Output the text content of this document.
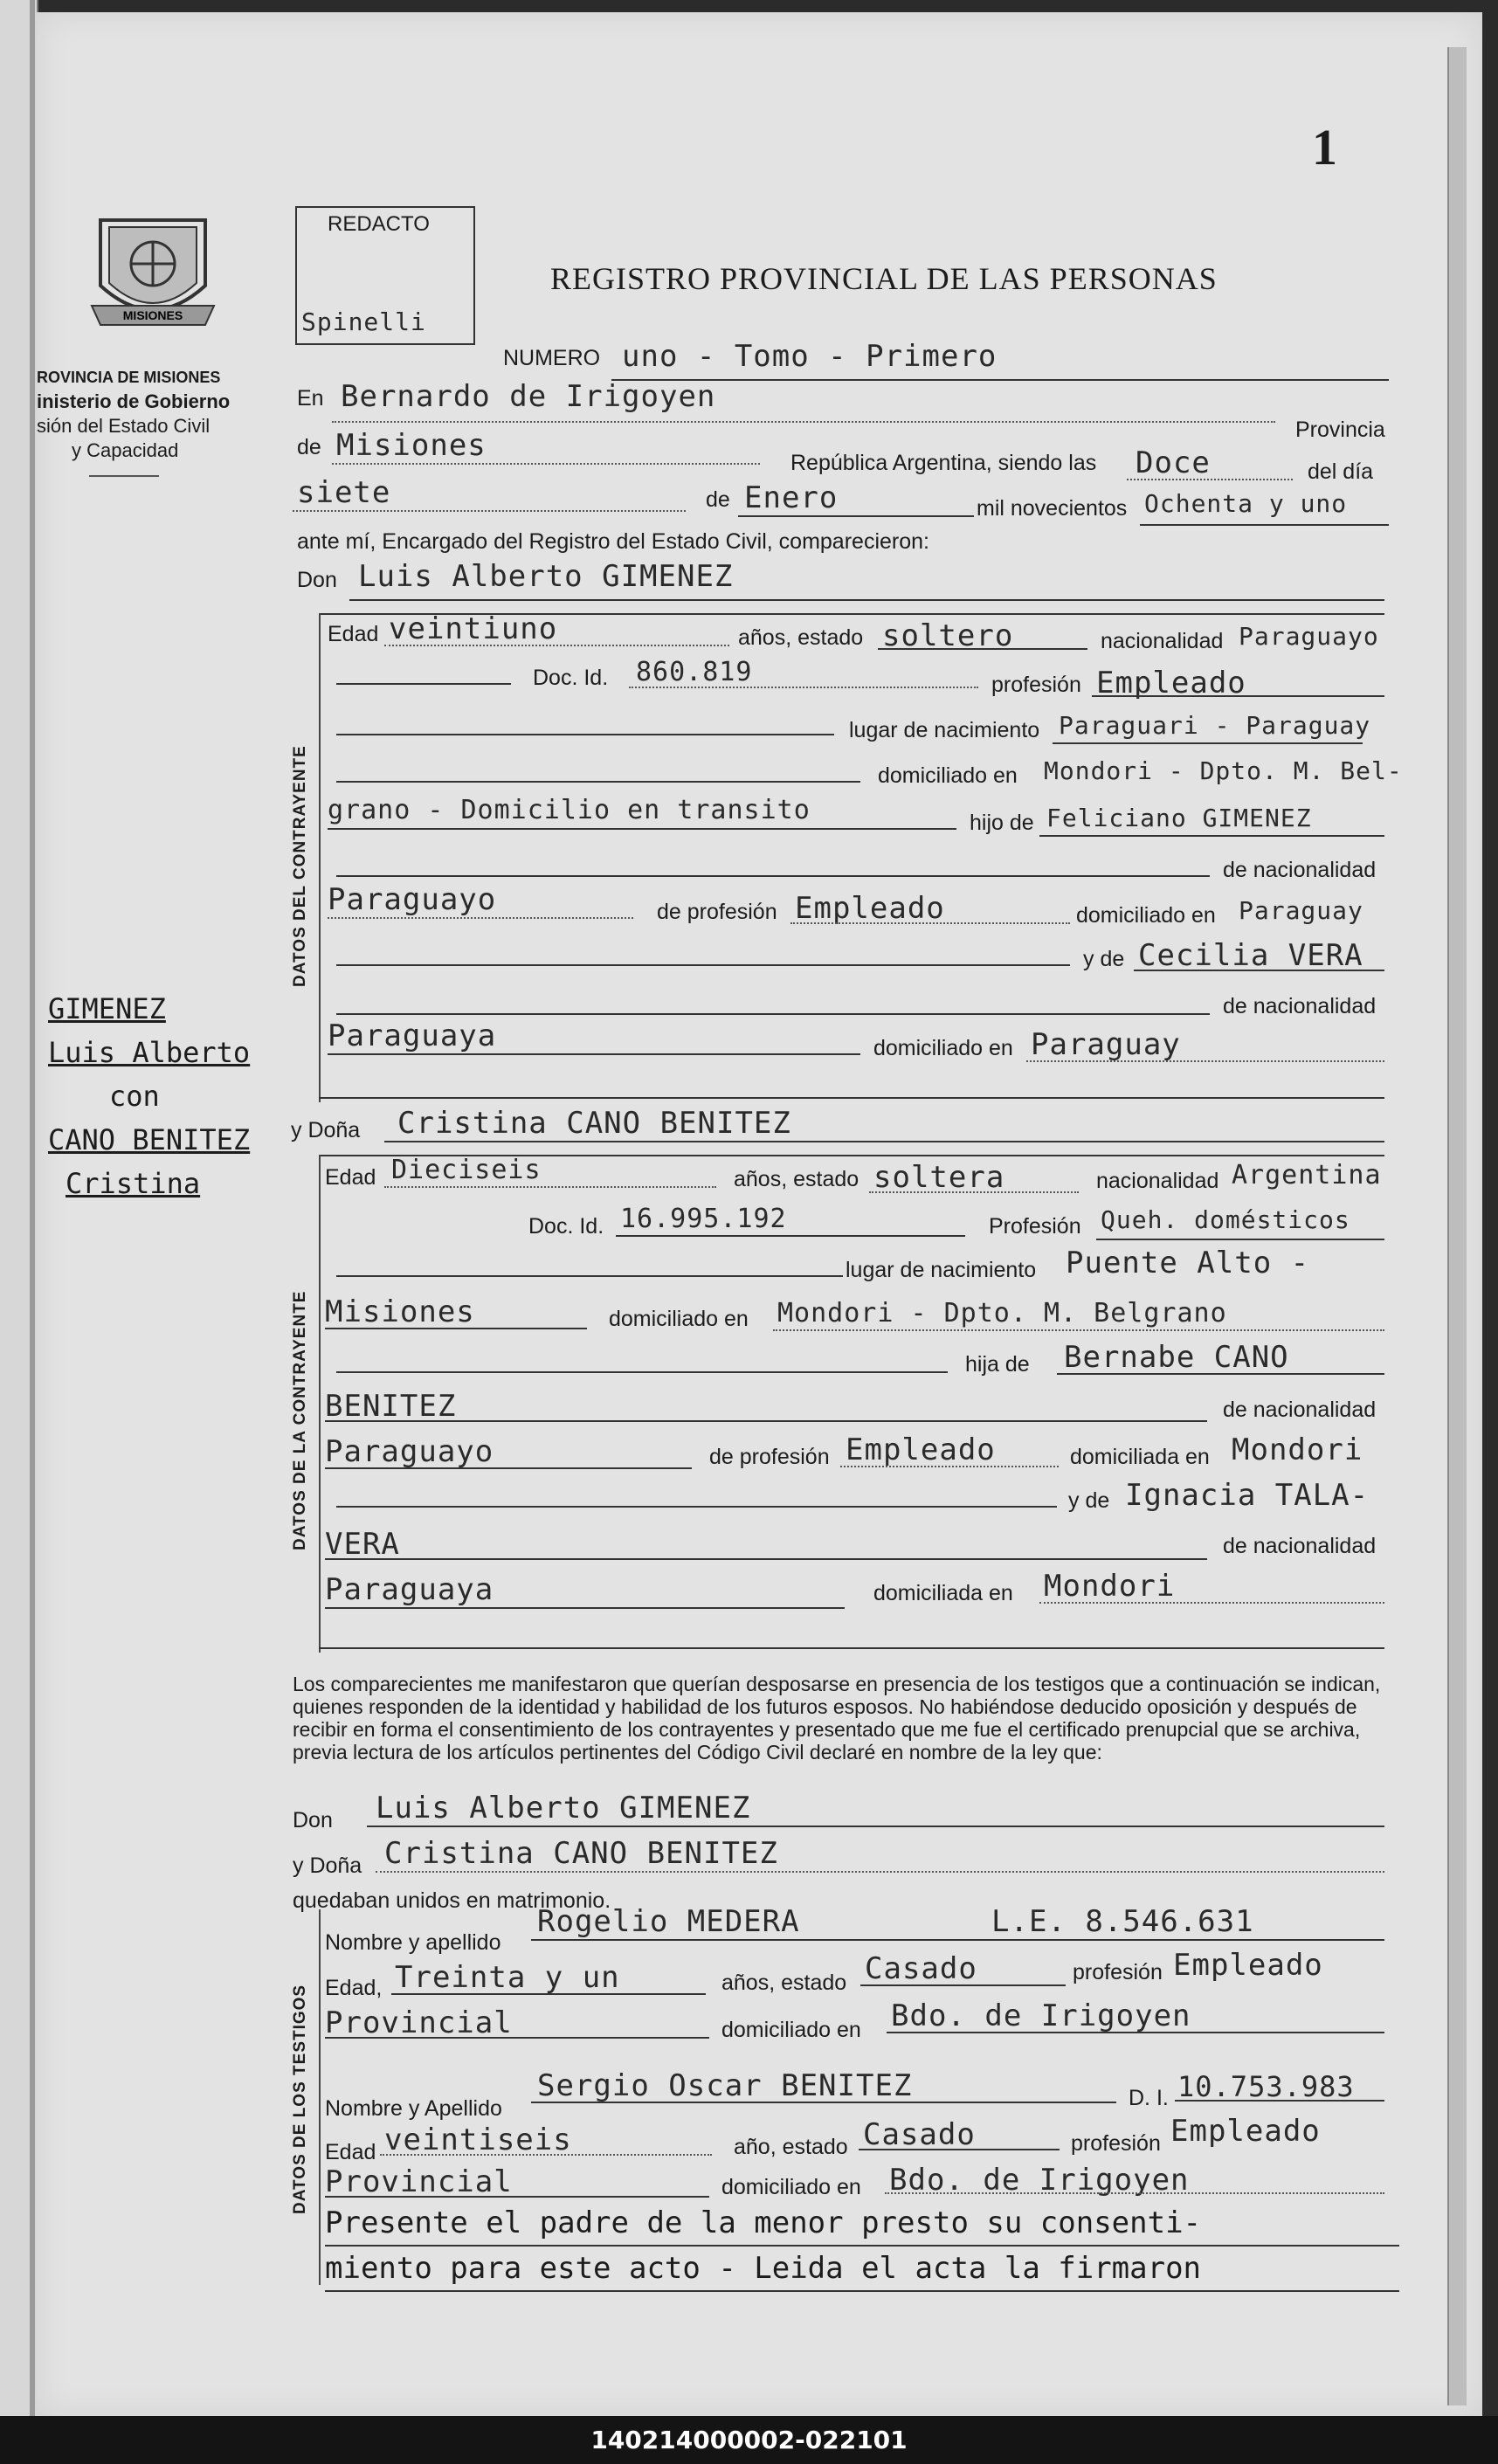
1
MISIONES
ROVINCIA DE MISIONES
inisterio de Gobierno
sión del Estado Civil
y Capacidad
REDACTO
Spinelli
REGISTRO PROVINCIAL DE LAS PERSONAS
NUMERO uno - Tomo - Primero
En Bernardo de Irigoyen
Provincia
de Misiones	República Argentina, siendo las Doce	del día
siete	de Enero	mil novecientos Ochenta y uno
ante mí, Encargado del Registro del Estado Civil, comparecieron:
Don Luis Alberto GIMENEZ
DATOS DEL CONTRAYENTE
Edad veintiuno	años, estado soltero	nacionalidad Paraguayo
Doc. Id. 860.819	profesión Empleado
lugar de nacimiento Paraguari - Paraguay
domiciliado en Mondori - Dpto. M. Bel-
grano - Domicilio en transito	hijo de Feliciano GIMENEZ
de nacionalidad
Paraguayo	de profesión Empleado	domiciliado en Paraguay
y de Cecilia VERA
de nacionalidad
Paraguaya	domiciliado en Paraguay
GIMENEZ
Luis Alberto
con
CANO BENITEZ
Cristina
y Doña Cristina CANO BENITEZ
DATOS DE LA CONTRAYENTE
Edad Dieciseis	años, estado soltera	nacionalidad Argentina
Doc. Id. 16.995.192	Profesión Queh. domésticos
lugar de nacimiento Puente Alto -
Misiones	domiciliado en Mondori - Dpto. M. Belgrano
hija de Bernabe CANO
BENITEZ	de nacionalidad
Paraguayo	de profesión Empleado	domiciliada en Mondori
y de Ignacia TALA-
VERA	de nacionalidad
Paraguaya	domiciliada en Mondori
Los comparecientes me manifestaron que querían desposarse en presencia de los testigos que a continuación se indican, quienes responden de la identidad y habilidad de los futuros esposos. No habiéndose deducido oposición y después de recibir en forma el consentimiento de los contrayentes y presentado que me fue el certificado prenupcial que se archiva, previa lectura de los artículos pertinentes del Código Civil declaré en nombre de la ley que:
Don Luis Alberto GIMENEZ
y Doña Cristina CANO BENITEZ
quedaban unidos en matrimonio.
DATOS DE LOS TESTIGOS
Nombre y apellido
Rogelio MEDERA	L.E. 8.546.631
Edad, Treinta y un	años, estado Casado	profesión Empleado
Provincial	domiciliado en Bdo. de Irigoyen
Nombre y Apellido
Sergio Oscar BENITEZ	D. I. 10.753.983
Edad veintiseis	año, estado Casado	profesión Empleado
Provincial	domiciliado en Bdo. de Irigoyen
Presente el padre de la menor presto su consenti-
miento para este acto - Leida el acta la firmaron
140214000002-022101
